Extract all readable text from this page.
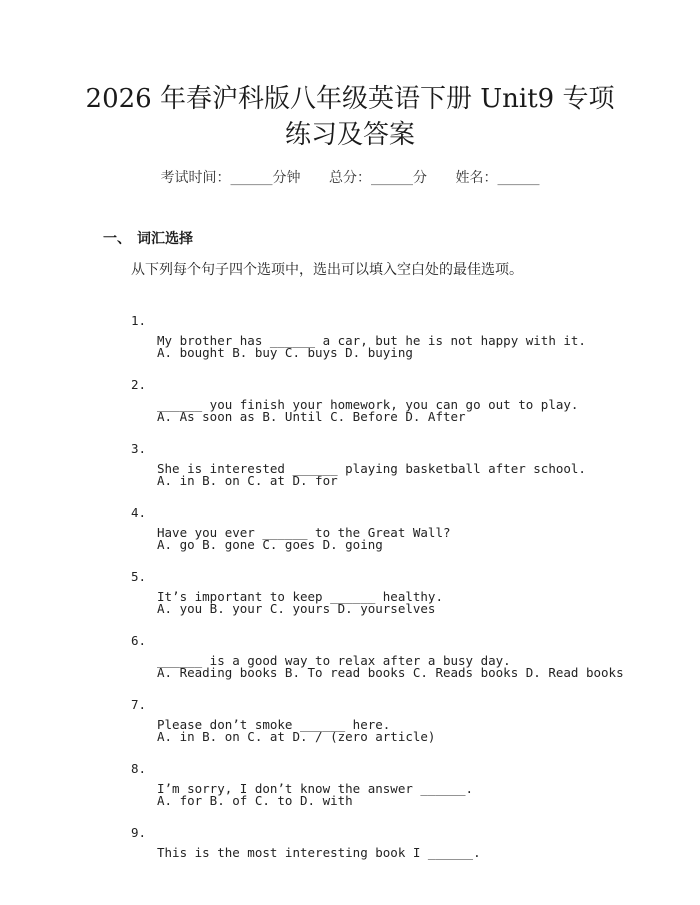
2026 年春沪科版八年级英语下册 Unit9 专项
练习及答案
考试时间：______分钟 总分：______分 姓名：______
一、 词汇选择
从下列每个句子四个选项中，选出可以填入空白处的最佳选项。

1.

My brother has ______ a car, but he is not happy with it.

A. bought B. buy C. buys D. buying

2.

______ you finish your homework, you can go out to play.

A. As soon as B. Until C. Before D. After

3.

She is interested ______ playing basketball after school.

A. in B. on C. at D. for

4.

Have you ever ______ to the Great Wall?

A. go B. gone C. goes D. going

5.

It’s important to keep ______ healthy.

A. you B. your C. yours D. yourselves

6.

______ is a good way to relax after a busy day.

A. Reading books B. To read books C. Reads books D. Read books

7.

Please don’t smoke ______ here.

A. in B. on C. at D. / (zero article)

8.

I’m sorry, I don’t know the answer ______.

A. for B. of C. to D. with

9.

This is the most interesting book I ______.
